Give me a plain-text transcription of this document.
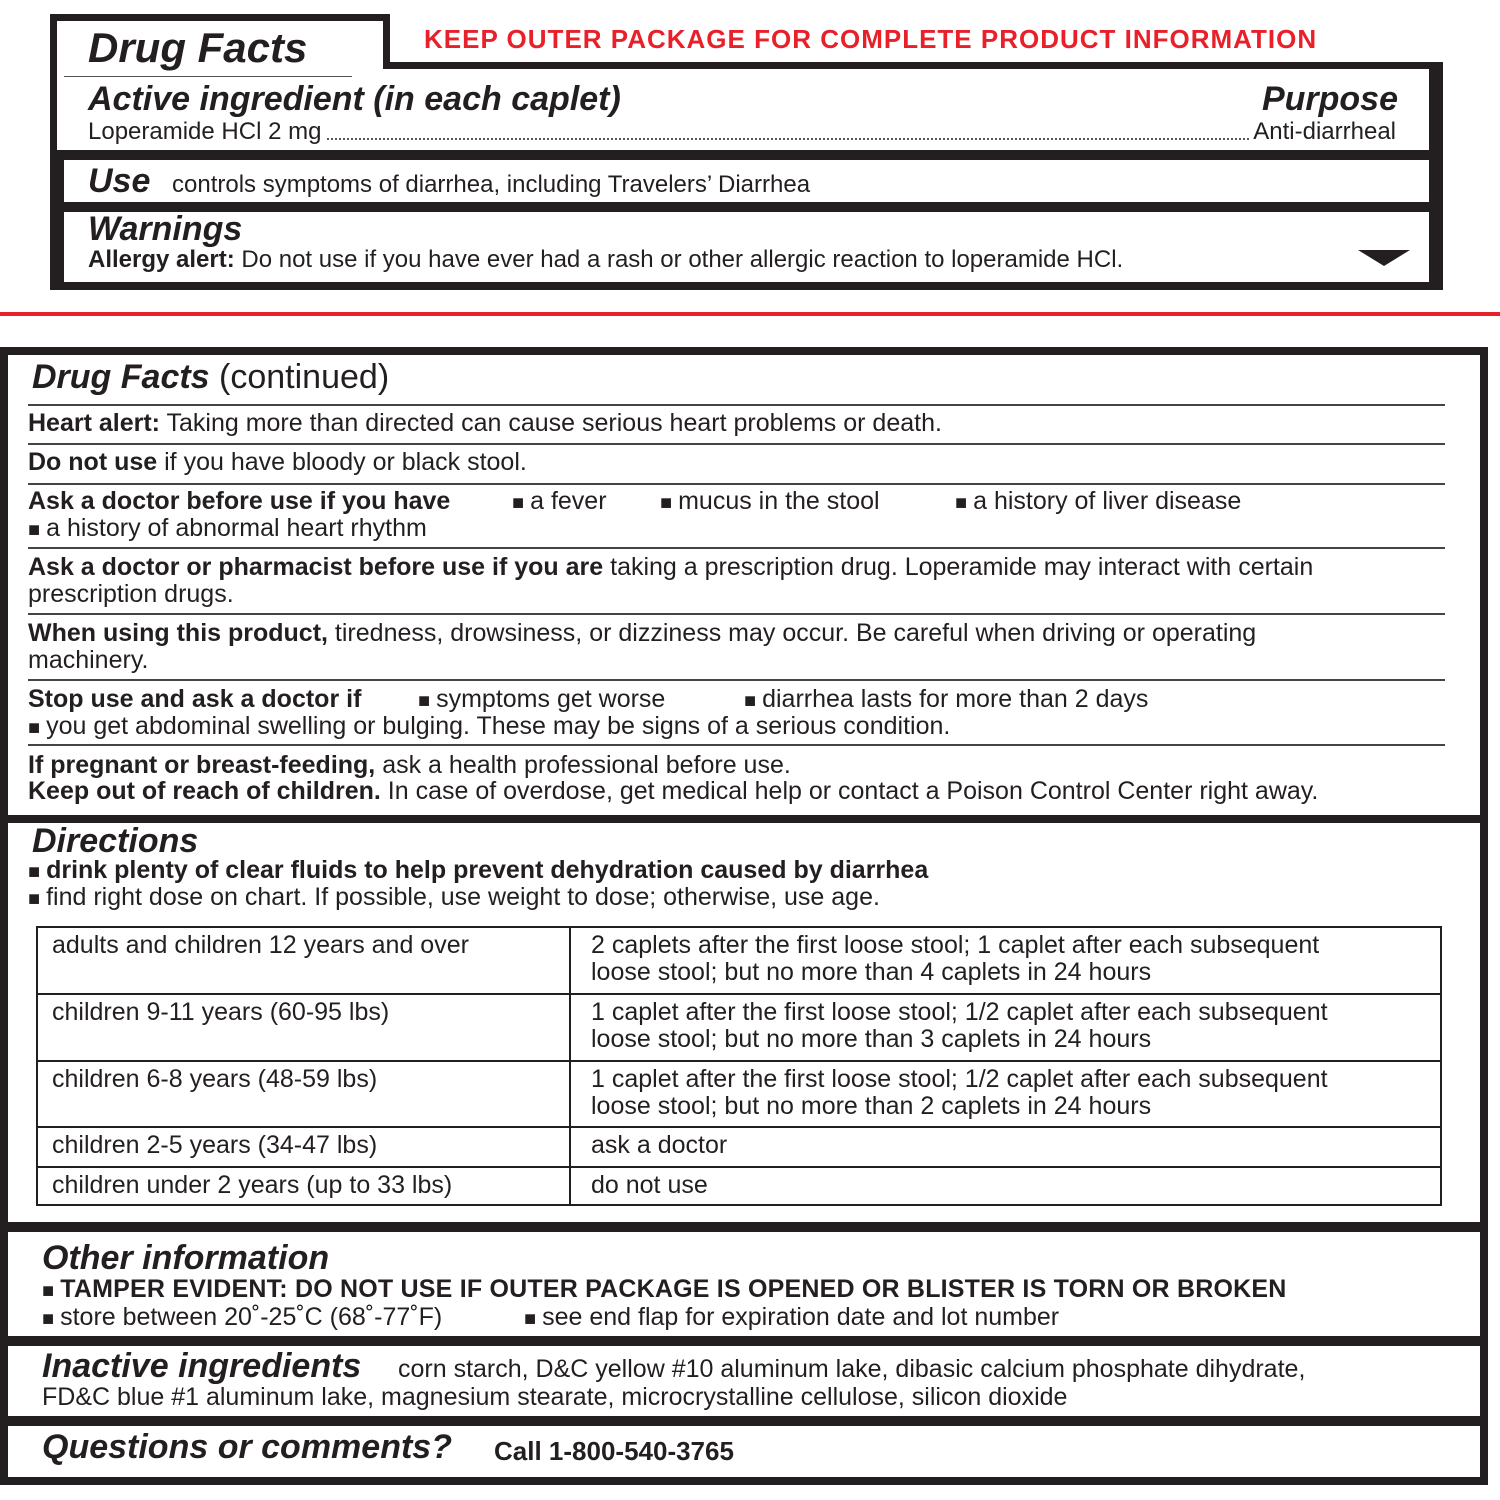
Drug Facts	KEEP OUTER PACKAGE FOR COMPLETE PRODUCT INFORMATION
Active ingredient (in each caplet)	Purpose
Loperamide HCl 2 mg	Anti-diarrheal
Use controls symptoms of diarrhea, including Travelers’ Diarrhea
Warnings
Allergy alert: Do not use if you have ever had a rash or other allergic reaction to loperamide HCl.
Drug Facts (continued)
Heart alert: Taking more than directed can cause serious heart problems or death.
Do not use if you have bloody or black stool.
Ask a doctor before use if you have	■ a fever	■ mucus in the stool	■ a history of liver disease
■ a history of abnormal heart rhythm
Ask a doctor or pharmacist before use if you are taking a prescription drug. Loperamide may interact with certain
prescription drugs.
When using this product, tiredness, drowsiness, or dizziness may occur. Be careful when driving or operating
machinery.
Stop use and ask a doctor if	■ symptoms get worse	■ diarrhea lasts for more than 2 days
■ you get abdominal swelling or bulging. These may be signs of a serious condition.
If pregnant or breast-feeding, ask a health professional before use.
Keep out of reach of children. In case of overdose, get medical help or contact a Poison Control Center right away.
Directions
■ drink plenty of clear fluids to help prevent dehydration caused by diarrhea
■ find right dose on chart. If possible, use weight to dose; otherwise, use age.
adults and children 12 years and over	2 caplets after the first loose stool; 1 caplet after each subsequent
loose stool; but no more than 4 caplets in 24 hours

children 9-11 years (60-95 lbs)	1 caplet after the first loose stool; 1/2 caplet after each subsequent
loose stool; but no more than 3 caplets in 24 hours

children 6-8 years (48-59 lbs)	1 caplet after the first loose stool; 1/2 caplet after each subsequent
loose stool; but no more than 2 caplets in 24 hours

children 2-5 years (34-47 lbs)	ask a doctor

children under 2 years (up to 33 lbs)	do not use
Other information
■ TAMPER EVIDENT: DO NOT USE IF OUTER PACKAGE IS OPENED OR BLISTER IS TORN OR BROKEN
■ store between 20˚-25˚C (68˚-77˚F)	■ see end flap for expiration date and lot number
Inactive ingredients corn starch, D&C yellow #10 aluminum lake, dibasic calcium phosphate dihydrate,
FD&C blue #1 aluminum lake, magnesium stearate, microcrystalline cellulose, silicon dioxide
Questions or comments? Call 1-800-540-3765
